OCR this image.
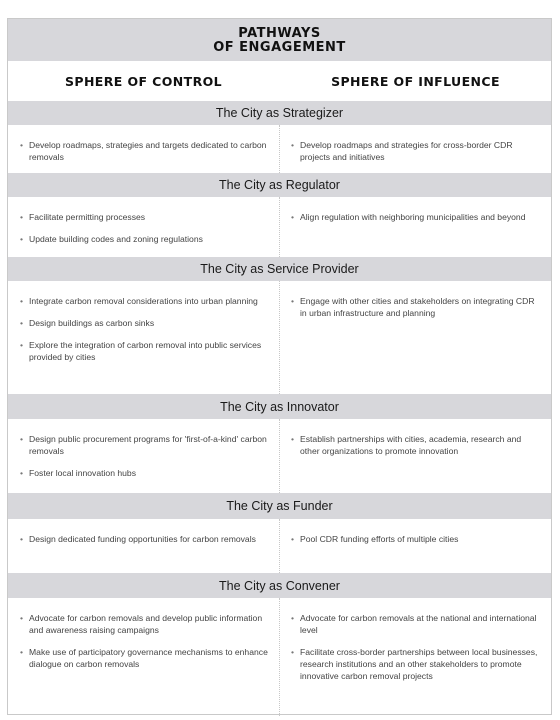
PATHWAYS
OF ENGAGEMENT
SPHERE OF CONTROL	SPHERE OF INFLUENCE
The City as Strategizer
• Develop roadmaps, strategies and targets dedicated to carbon removals
• Develop roadmaps and strategies for cross-border CDR projects and initiatives
The City as Regulator
• Facilitate permitting processes
• Update building codes and zoning regulations
• Align regulation with neighboring municipalities and beyond
The City as Service Provider
• Integrate carbon removal considerations into urban planning
• Design buildings as carbon sinks
• Explore the integration of carbon removal into public services provided by cities
• Engage with other cities and stakeholders on integrating CDR in urban infrastructure and planning
The City as Innovator
• Design public procurement programs for 'first-of-a-kind' carbon removals
• Foster local innovation hubs
• Establish partnerships with cities, academia, research and other organizations to promote innovation
The City as Funder
• Design dedicated funding opportunities for carbon removals
•	Pool CDR funding efforts of multiple cities
The City as Convener
• Advocate for carbon removals and develop public information and awareness raising campaigns
• Make use of participatory governance mechanisms to enhance dialogue on carbon removals
• Advocate for carbon removals at the national and international level
• Facilitate cross-border partnerships between local businesses, research institutions and an other stakeholders to promote innovative carbon removal projects
